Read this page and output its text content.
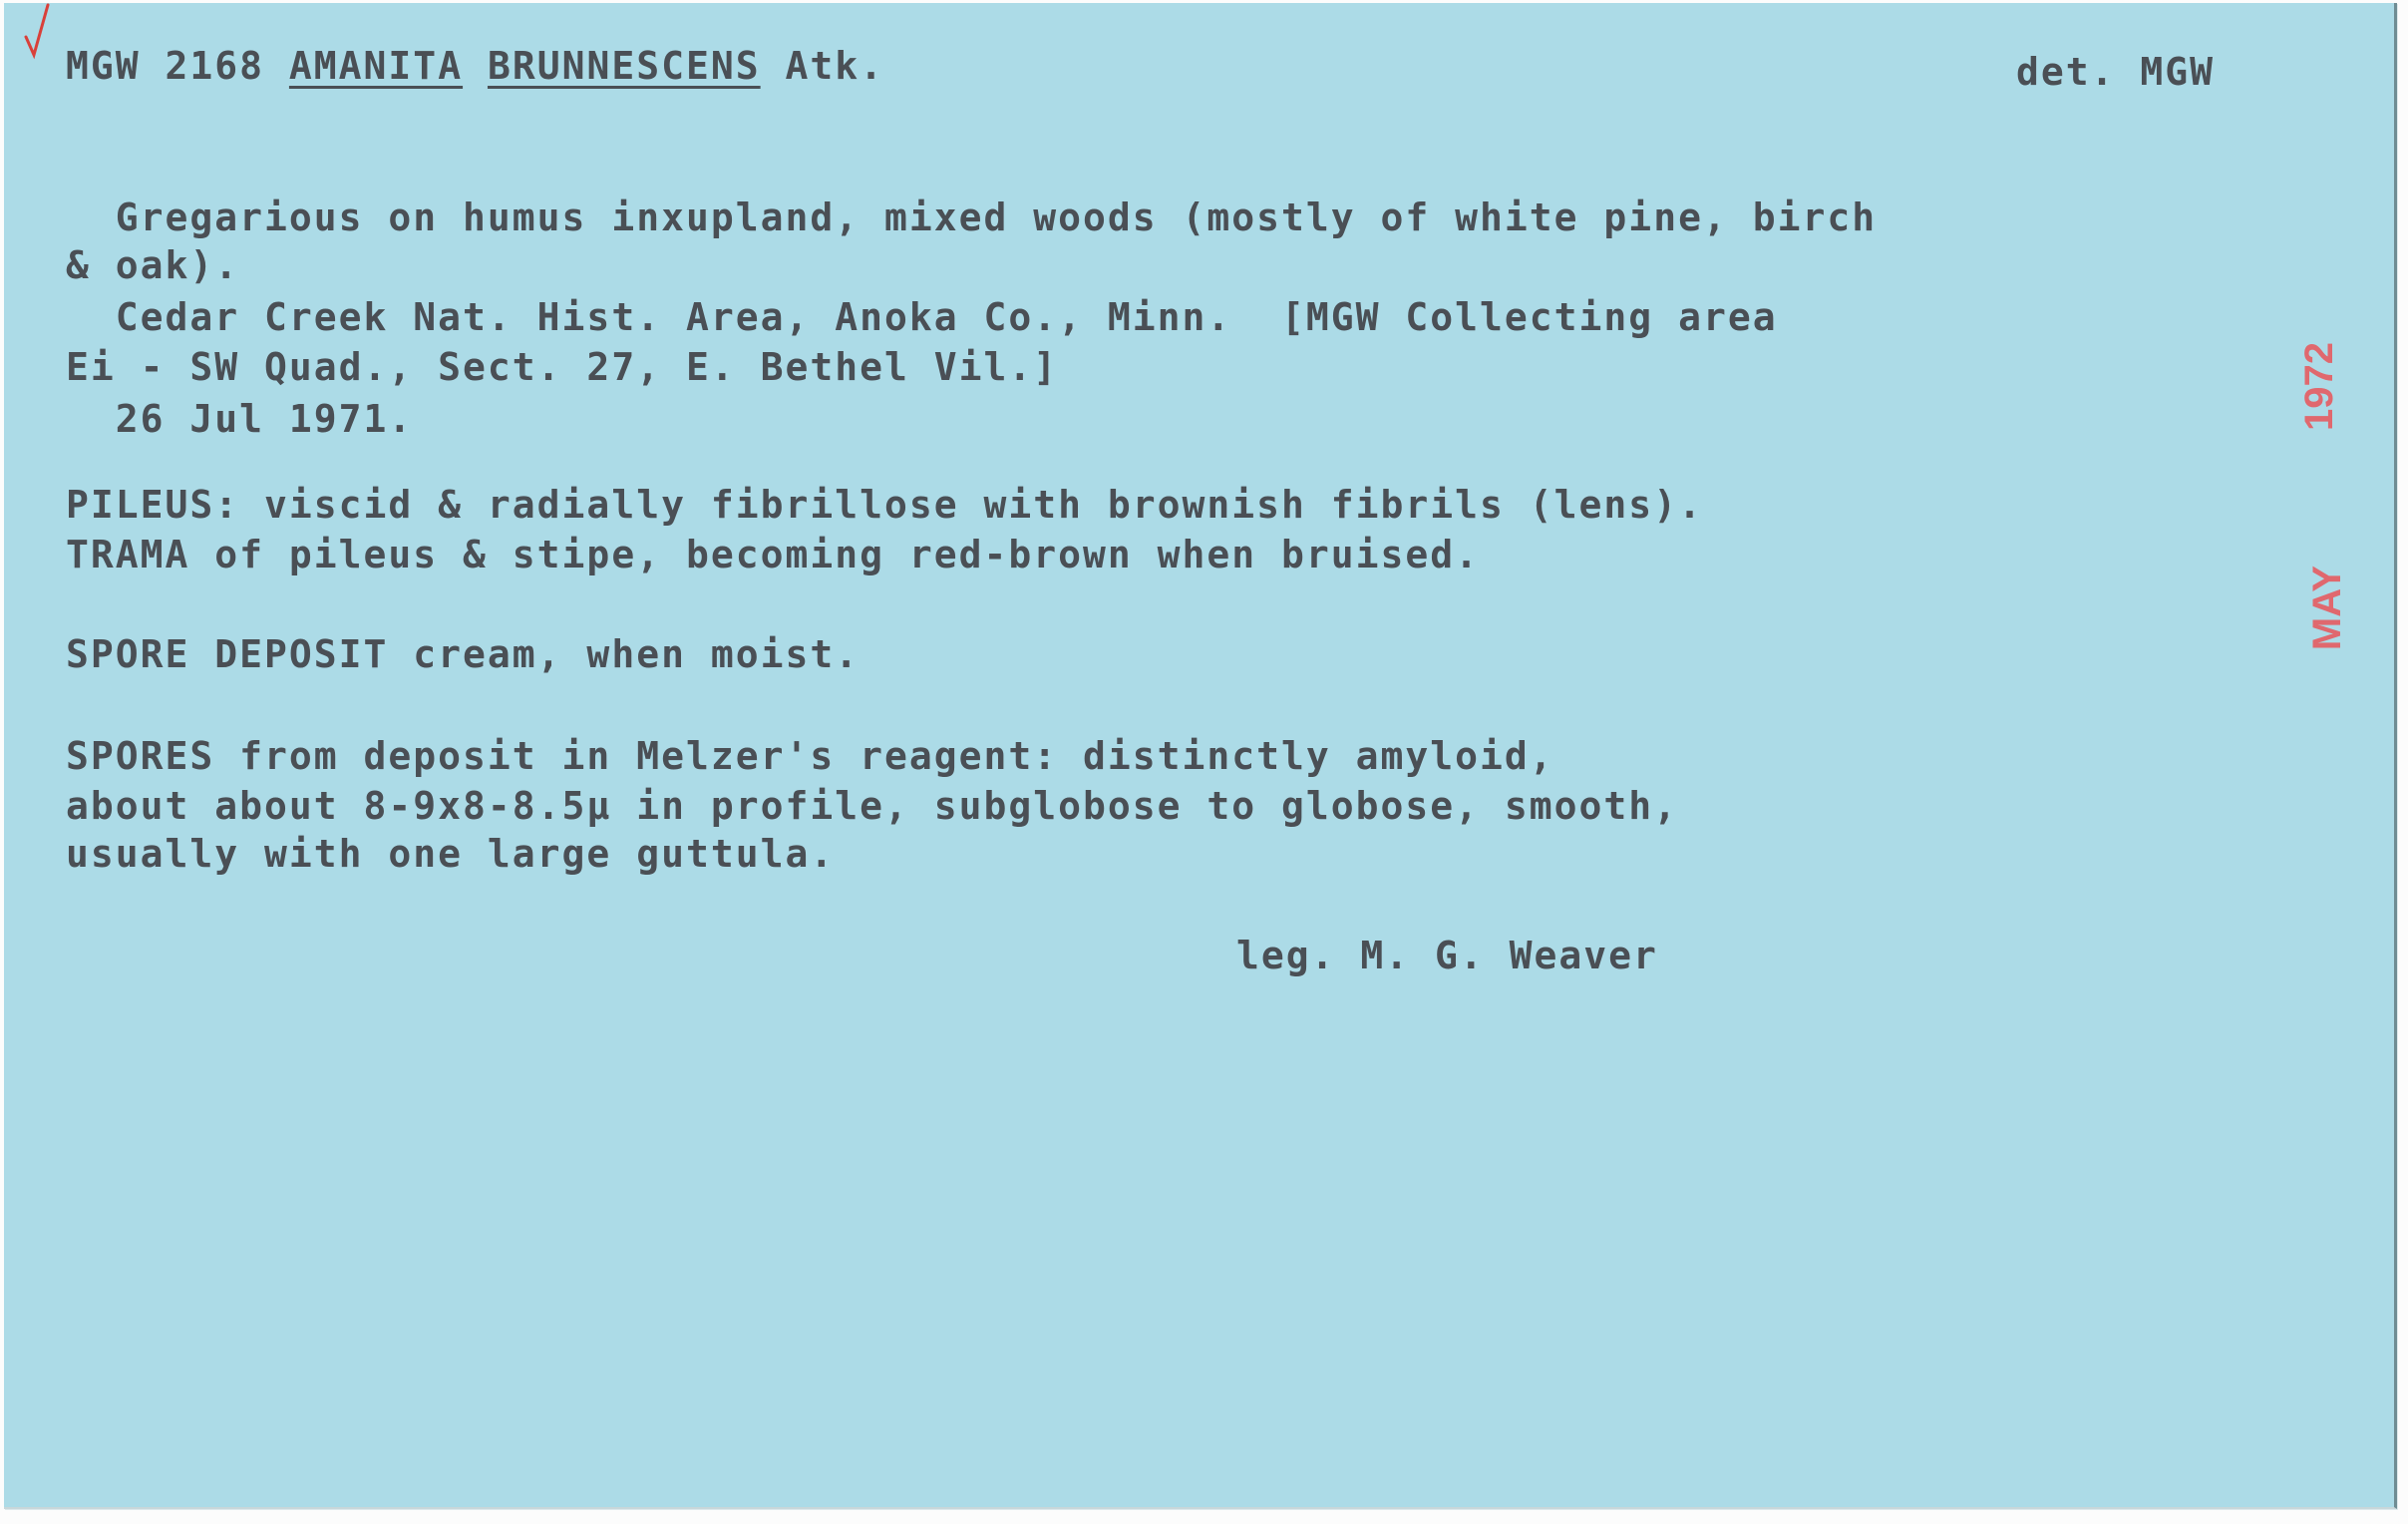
MGW 2168 AMANITA BRUNNESCENS Atk.	det. MGW
Gregarious on humus inxupland, mixed woods (mostly of white pine, birch
& oak).
Cedar Creek Nat. Hist. Area, Anoka Co., Minn.  [MGW Collecting area
Ei - SW Quad., Sect. 27, E. Bethel Vil.]
26 Jul 1971.
PILEUS: viscid & radially fibrillose with brownish fibrils (lens).
TRAMA of pileus & stipe, becoming red-brown when bruised.
SPORE DEPOSIT cream, when moist.
SPORES from deposit in Melzer's reagent: distinctly amyloid,
about about 8-9x8-8.5µ in profile, subglobose to globose, smooth,
usually with one large guttula.
leg. M. G. Weaver
1972
MAY
